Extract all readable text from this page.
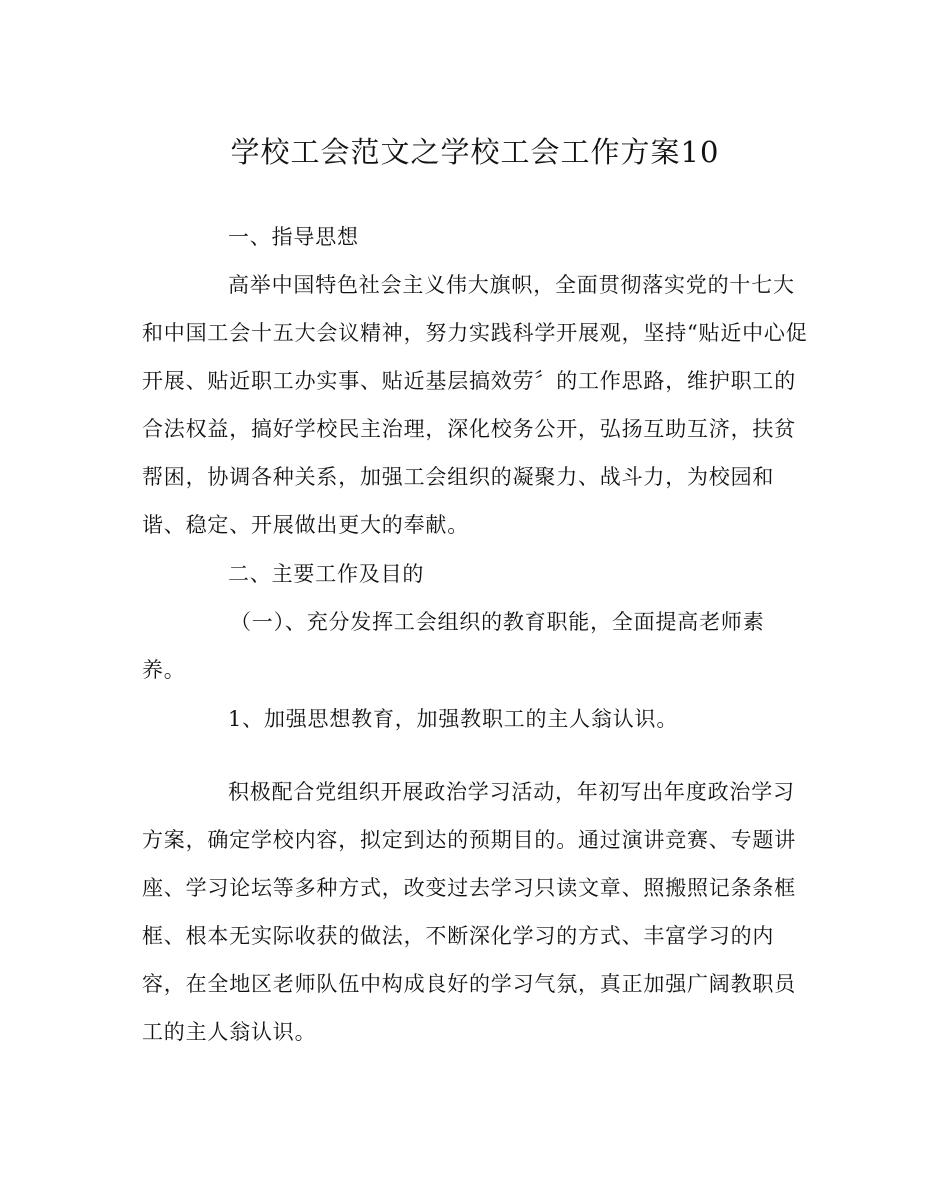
学校工会范文之学校工会工作方案10
一、指导思想
高举中国特色社会主义伟大旗帜，全面贯彻落实党的十七大
和中国工会十五大会议精神，努力实践科学开展观，坚持“贴近中心促
开展、贴近职工办实事、贴近基层搞效劳〞的工作思路，维护职工的
合法权益，搞好学校民主治理，深化校务公开，弘扬互助互济，扶贫
帮困，协调各种关系，加强工会组织的凝聚力、战斗力，为校园和
谐、稳定、开展做出更大的奉献。
二、主要工作及目的
（一）、充分发挥工会组织的教育职能，全面提高老师素
养。
1、加强思想教育，加强教职工的主人翁认识。
积极配合党组织开展政治学习活动，年初写出年度政治学习
方案，确定学校内容，拟定到达的预期目的。通过演讲竞赛、专题讲
座、学习论坛等多种方式，改变过去学习只读文章、照搬照记条条框
框、根本无实际收获的做法，不断深化学习的方式、丰富学习的内
容，在全地区老师队伍中构成良好的学习气氛，真正加强广阔教职员
工的主人翁认识。
